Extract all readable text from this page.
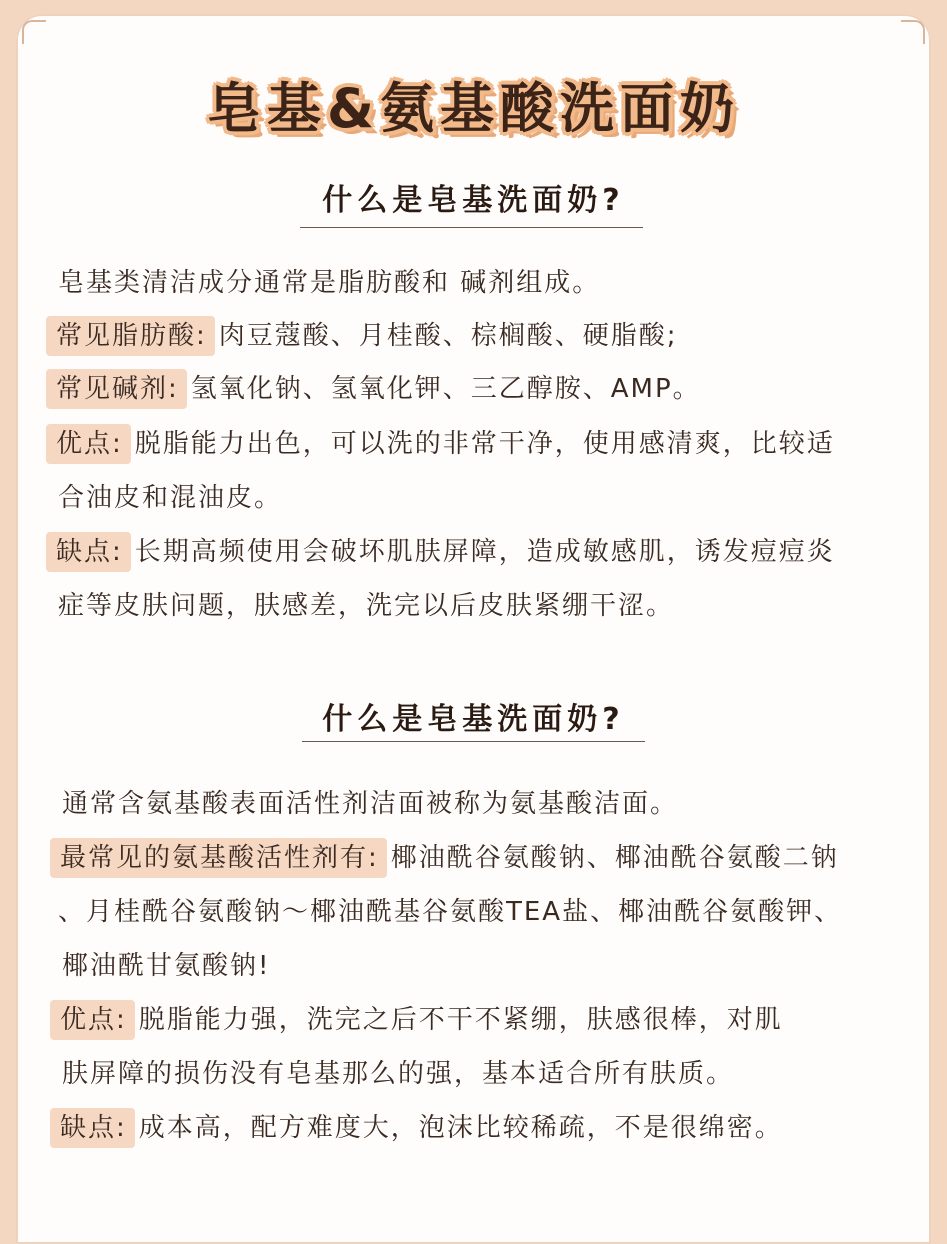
皂基&氨基酸洗面奶
什么是皂基洗面奶?
皂基类清洁成分通常是脂肪酸和 碱剂组成。
常见脂肪酸: 肉豆蔻酸、月桂酸、棕榈酸、硬脂酸;
常见碱剂: 氢氧化钠、氢氧化钾、三乙醇胺、AMP。
优点: 脱脂能力出色，可以洗的非常干净，使用感清爽，比较适
合油皮和混油皮。
缺点: 长期高频使用会破坏肌肤屏障，造成敏感肌，诱发痘痘炎
症等皮肤问题，肤感差，洗完以后皮肤紧绷干涩。
什么是皂基洗面奶?
通常含氨基酸表面活性剂洁面被称为氨基酸洁面。
最常见的氨基酸活性剂有: 椰油酰谷氨酸钠、椰油酰谷氨酸二钠
、月桂酰谷氨酸钠～椰油酰基谷氨酸TEA盐、椰油酰谷氨酸钾、
椰油酰甘氨酸钠!
优点: 脱脂能力强，洗完之后不干不紧绷，肤感很棒，对肌
肤屏障的损伤没有皂基那么的强，基本适合所有肤质。
缺点: 成本高，配方难度大，泡沫比较稀疏，不是很绵密。
